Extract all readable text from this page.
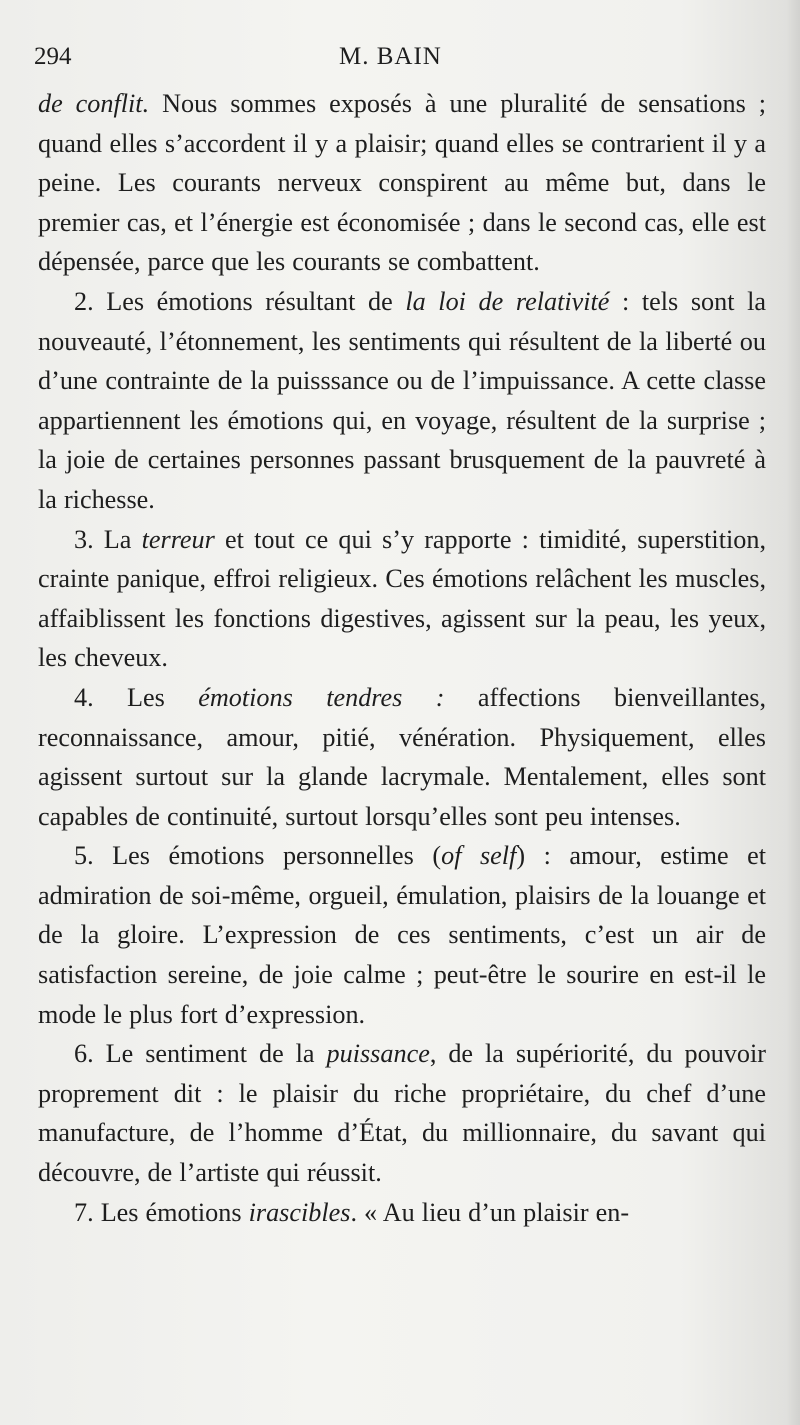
294	M. BAIN

de conflit. Nous sommes exposés à une pluralité de sensations ; quand elles s’accordent il y a plaisir; quand elles se contrarient il y a peine. Les courants nerveux conspirent au même but, dans le premier cas, et l’énergie est économisée ; dans le second cas, elle est dépensée, parce que les courants se combattent.

2. Les émotions résultant de la loi de relativité : tels sont la nouveauté, l’étonnement, les sentiments qui résultent de la liberté ou d’une contrainte de la puisssance ou de l’impuissance. A cette classe appartiennent les émotions qui, en voyage, résultent de la surprise ; la joie de certaines personnes passant brusquement de la pauvreté à la richesse.

3. La terreur et tout ce qui s’y rapporte : timidité, superstition, crainte panique, effroi religieux. Ces émotions relâchent les muscles, affaiblissent les fonctions digestives, agissent sur la peau, les yeux, les cheveux.

4. Les émotions tendres : affections bienveillantes, reconnaissance, amour, pitié, vénération. Physiquement, elles agissent surtout sur la glande lacrymale. Mentalement, elles sont capables de continuité, surtout lorsqu’elles sont peu intenses.

5. Les émotions personnelles (of self) : amour, estime et admiration de soi-même, orgueil, émulation, plaisirs de la louange et de la gloire. L’expression de ces sentiments, c’est un air de satisfaction sereine, de joie calme ; peut-être le sourire en est-il le mode le plus fort d’expression.

6. Le sentiment de la puissance, de la supériorité, du pouvoir proprement dit : le plaisir du riche propriétaire, du chef d’une manufacture, de l’homme d’État, du millionnaire, du savant qui découvre, de l’artiste qui réussit.

7. Les émotions irascibles. « Au lieu d’un plaisir en-
